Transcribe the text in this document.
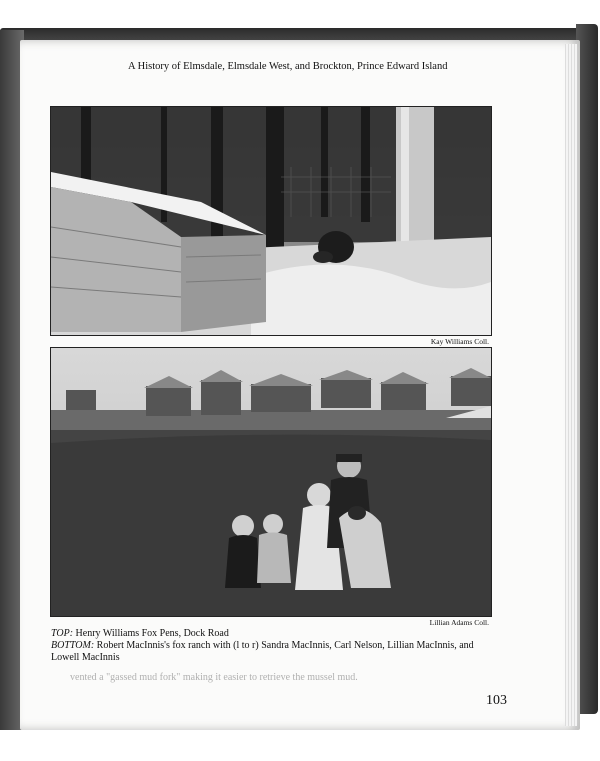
A History of Elmsdale, Elmsdale West, and Brockton, Prince Edward Island
Kay Williams Coll.
Lillian Adams Coll.
TOP: Henry Williams Fox Pens, Dock Road
BOTTOM: Robert MacInnis's fox ranch with (l to r) Sandra MacInnis, Carl Nelson, Lillian MacInnis, and Lowell MacInnis
vented a "gassed mud fork" making it easier to retrieve the mussel mud.
103
